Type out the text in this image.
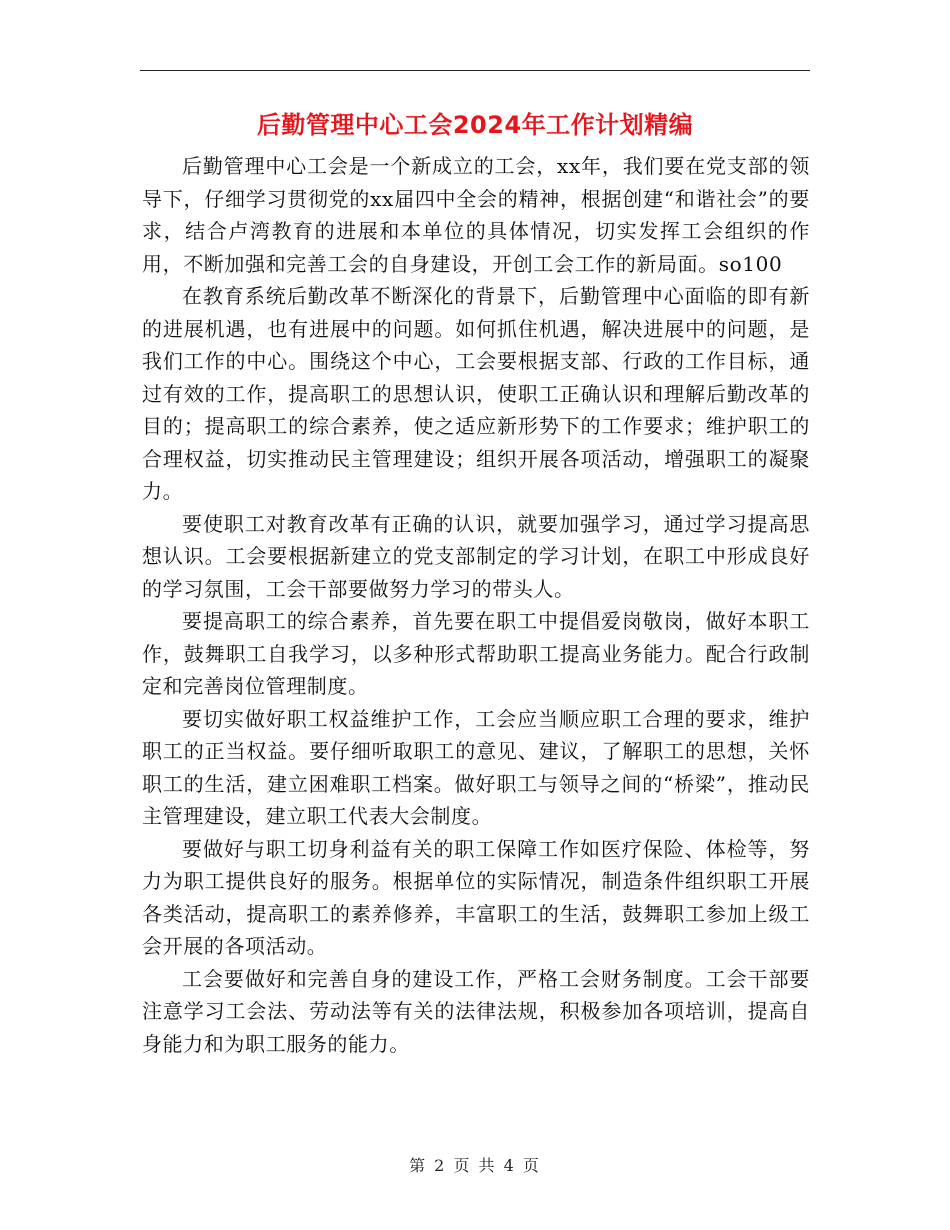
后勤管理中心工会2024年工作计划精编

后勤管理中心工会是一个新成立的工会，xx年，我们要在党支部的领导下，仔细学习贯彻党的xx届四中全会的精神，根据创建“和谐社会”的要求，结合卢湾教育的进展和本单位的具体情况，切实发挥工会组织的作用，不断加强和完善工会的自身建设，开创工会工作的新局面。so100

在教育系统后勤改革不断深化的背景下，后勤管理中心面临的即有新的进展机遇，也有进展中的问题。如何抓住机遇，解决进展中的问题，是我们工作的中心。围绕这个中心，工会要根据支部、行政的工作目标，通过有效的工作，提高职工的思想认识，使职工正确认识和理解后勤改革的目的；提高职工的综合素养，使之适应新形势下的工作要求；维护职工的合理权益，切实推动民主管理建设；组织开展各项活动，增强职工的凝聚力。

要使职工对教育改革有正确的认识，就要加强学习，通过学习提高思想认识。工会要根据新建立的党支部制定的学习计划，在职工中形成良好的学习氛围，工会干部要做努力学习的带头人。

要提高职工的综合素养，首先要在职工中提倡爱岗敬岗，做好本职工作，鼓舞职工自我学习，以多种形式帮助职工提高业务能力。配合行政制定和完善岗位管理制度。

要切实做好职工权益维护工作，工会应当顺应职工合理的要求，维护职工的正当权益。要仔细听取职工的意见、建议，了解职工的思想，关怀职工的生活，建立困难职工档案。做好职工与领导之间的“桥梁”，推动民主管理建设，建立职工代表大会制度。

要做好与职工切身利益有关的职工保障工作如医疗保险、体检等，努力为职工提供良好的服务。根据单位的实际情况，制造条件组织职工开展各类活动，提高职工的素养修养，丰富职工的生活，鼓舞职工参加上级工会开展的各项活动。

工会要做好和完善自身的建设工作，严格工会财务制度。工会干部要注意学习工会法、劳动法等有关的法律法规，积极参加各项培训，提高自身能力和为职工服务的能力。

第 2 页 共 4 页
